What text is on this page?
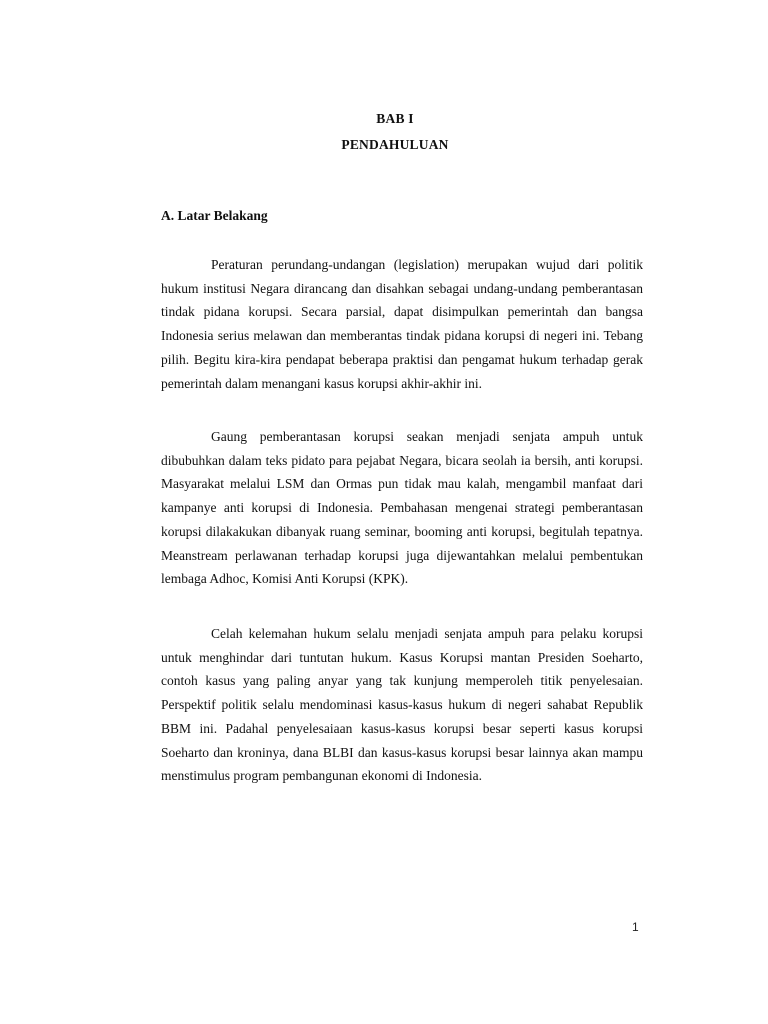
BAB I
PENDAHULUAN
A. Latar Belakang

Peraturan perundang-undangan (legislation) merupakan wujud dari politik hukum institusi Negara dirancang dan disahkan sebagai undang-undang pemberantasan tindak pidana korupsi. Secara parsial, dapat disimpulkan pemerintah dan bangsa Indonesia serius melawan dan memberantas tindak pidana korupsi di negeri ini. Tebang pilih. Begitu kira-kira pendapat beberapa praktisi dan pengamat hukum terhadap gerak pemerintah dalam menangani kasus korupsi akhir-akhir ini.

Gaung pemberantasan korupsi seakan menjadi senjata ampuh untuk dibubuhkan dalam teks pidato para pejabat Negara, bicara seolah ia bersih, anti korupsi. Masyarakat melalui LSM dan Ormas pun tidak mau kalah, mengambil manfaat dari kampanye anti korupsi di Indonesia. Pembahasan mengenai strategi pemberantasan korupsi dilakakukan dibanyak ruang seminar, booming anti korupsi, begitulah tepatnya. Meanstream perlawanan terhadap korupsi juga dijewantahkan melalui pembentukan lembaga Adhoc, Komisi Anti Korupsi (KPK).

Celah kelemahan hukum selalu menjadi senjata ampuh para pelaku korupsi untuk menghindar dari tuntutan hukum. Kasus Korupsi mantan Presiden Soeharto, contoh kasus yang paling anyar yang tak kunjung memperoleh titik penyelesaian. Perspektif politik selalu mendominasi kasus-kasus hukum di negeri sahabat Republik BBM ini. Padahal penyelesaiaan kasus-kasus korupsi besar seperti kasus korupsi Soeharto dan kroninya, dana BLBI dan kasus-kasus korupsi besar lainnya akan mampu menstimulus program pembangunan ekonomi di Indonesia.

1
